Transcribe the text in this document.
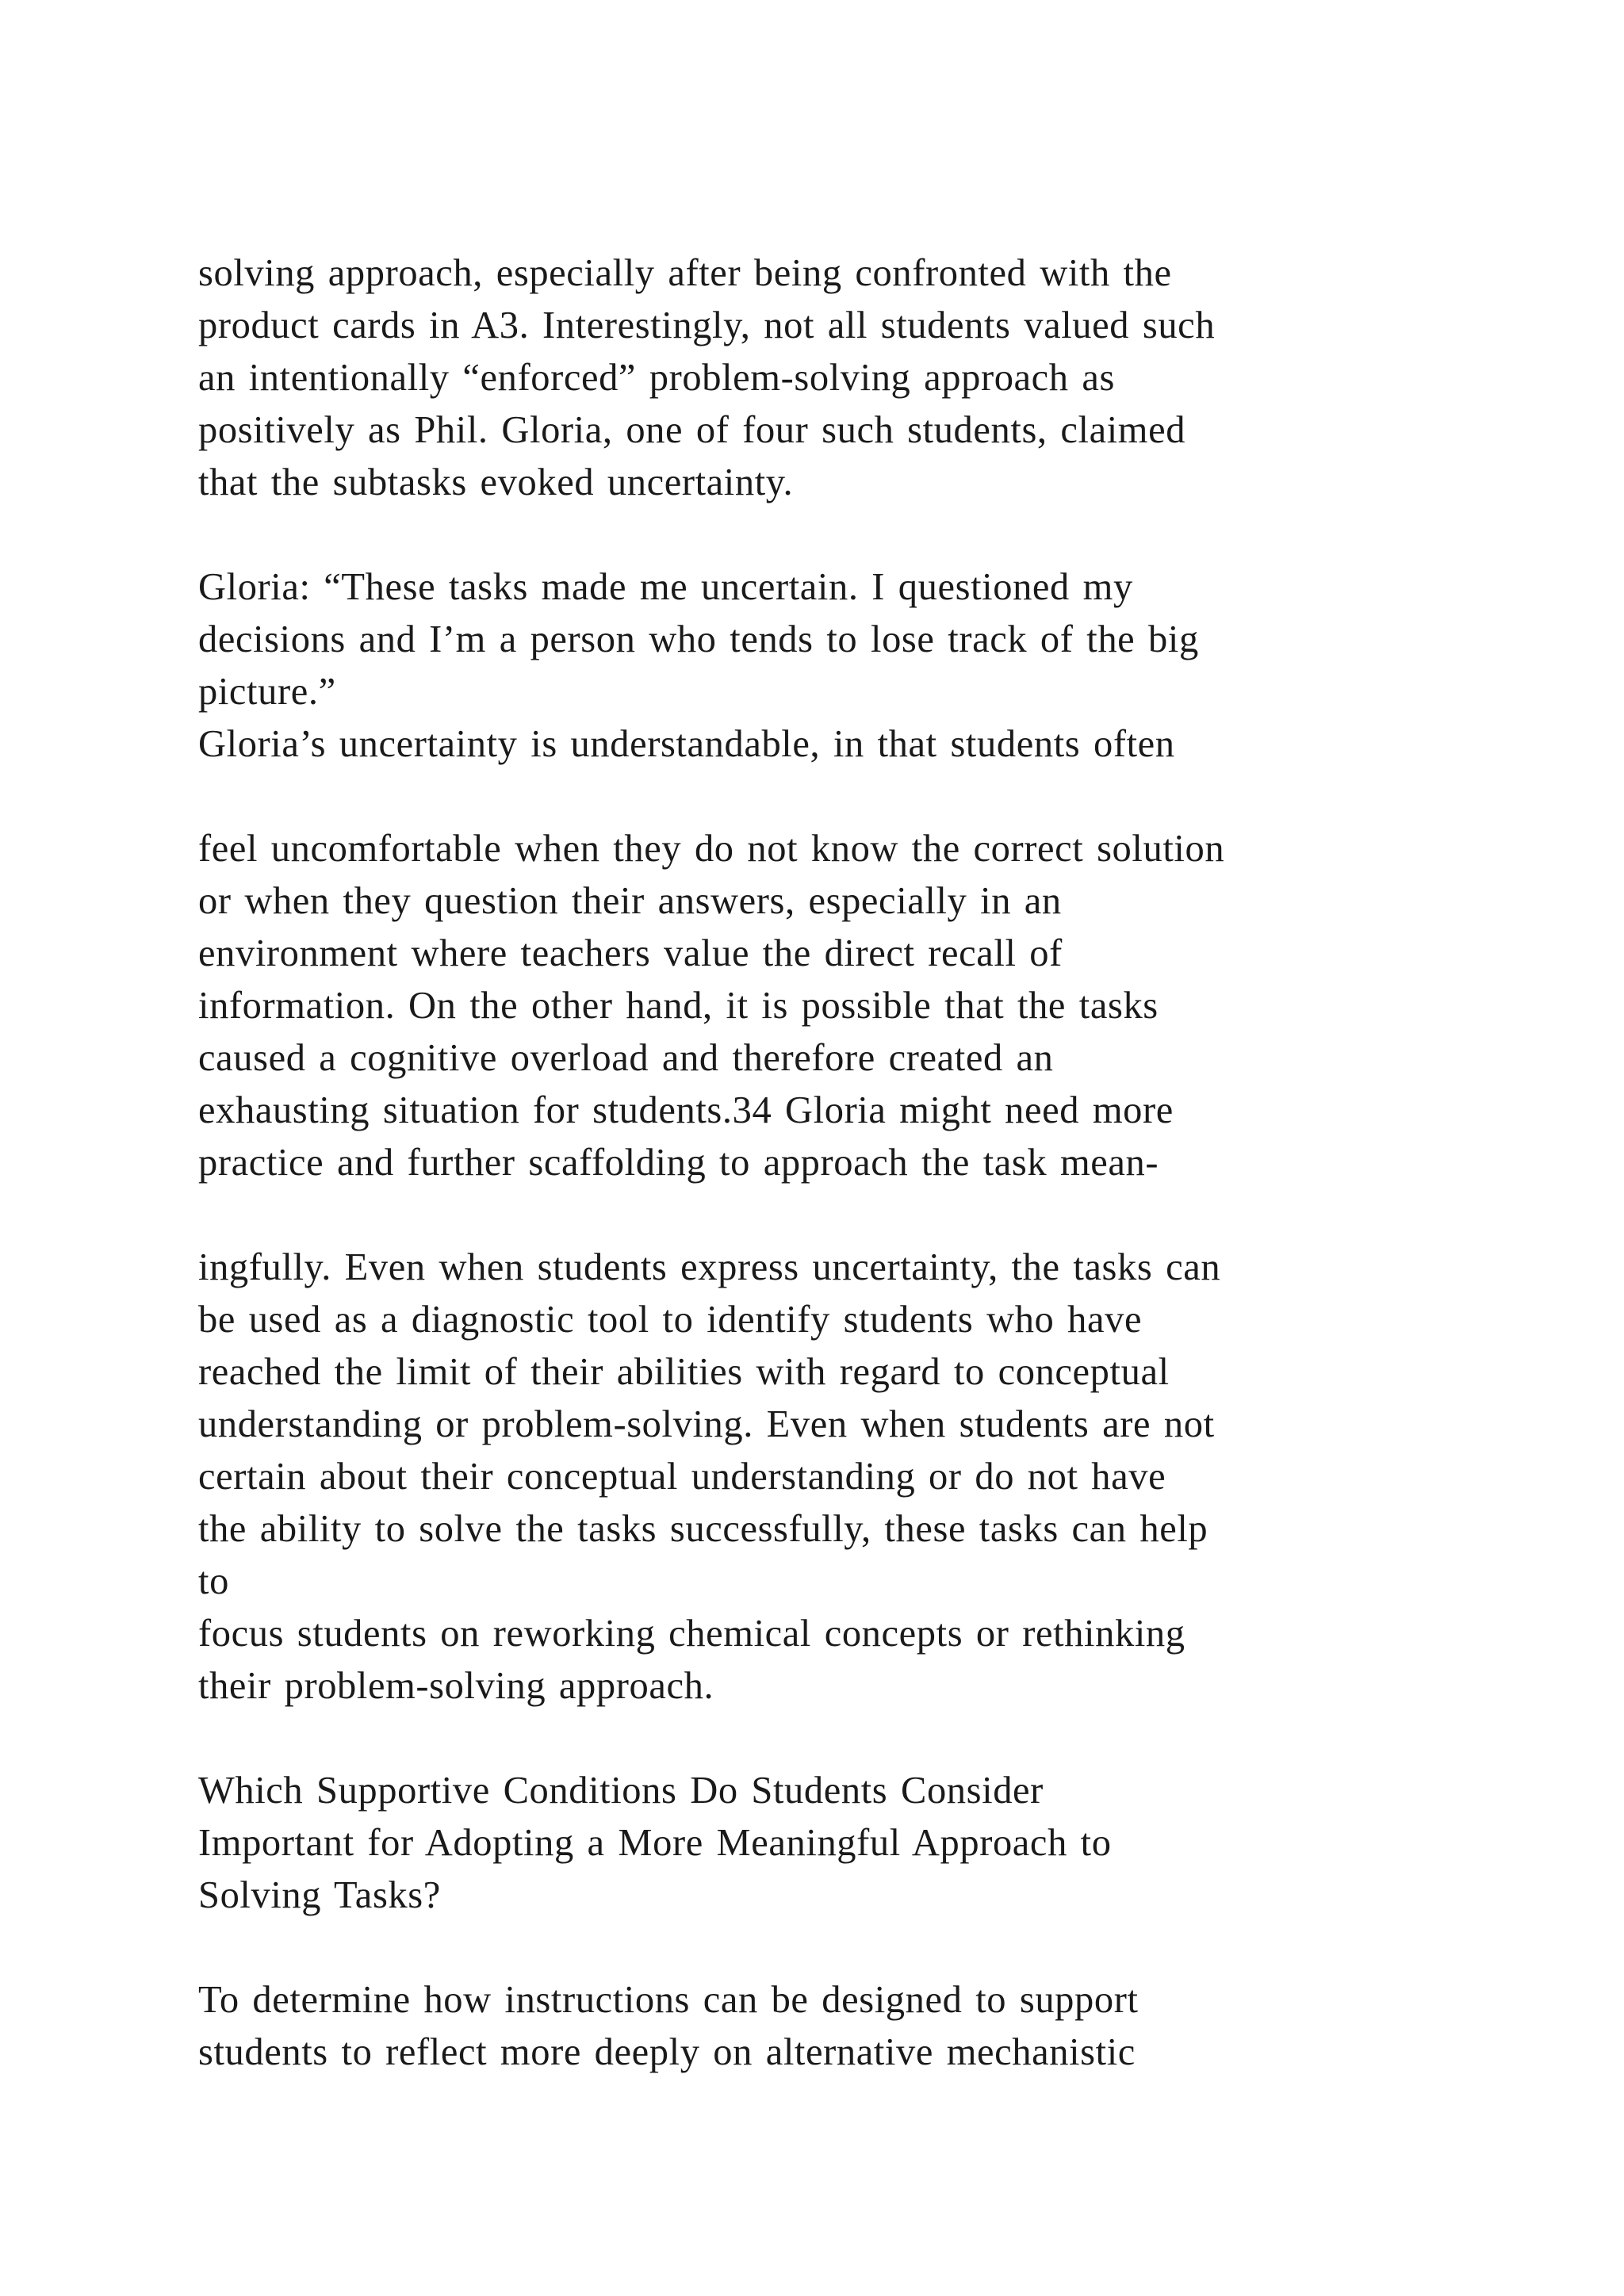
solving approach, especially after being confronted with the
product cards in A3. Interestingly, not all students valued such
an intentionally “enforced” problem-solving approach as
positively as Phil. Gloria, one of four such students, claimed
that the subtasks evoked uncertainty.
Gloria: “These tasks made me uncertain. I questioned my
decisions and I’m a person who tends to lose track of the big
picture.”
Gloria’s uncertainty is understandable, in that students often
feel uncomfortable when they do not know the correct solution
or when they question their answers, especially in an
environment where teachers value the direct recall of
information. On the other hand, it is possible that the tasks
caused a cognitive overload and therefore created an
exhausting situation for students.34 Gloria might need more
practice and further scaffolding to approach the task mean-
ingfully. Even when students express uncertainty, the tasks can
be used as a diagnostic tool to identify students who have
reached the limit of their abilities with regard to conceptual
understanding or problem-solving. Even when students are not
certain about their conceptual understanding or do not have
the ability to solve the tasks successfully, these tasks can help
to
focus students on reworking chemical concepts or rethinking
their problem-solving approach.
Which Supportive Conditions Do Students Consider
Important for Adopting a More Meaningful Approach to
Solving Tasks?
To determine how instructions can be designed to support
students to reflect more deeply on alternative mechanistic
